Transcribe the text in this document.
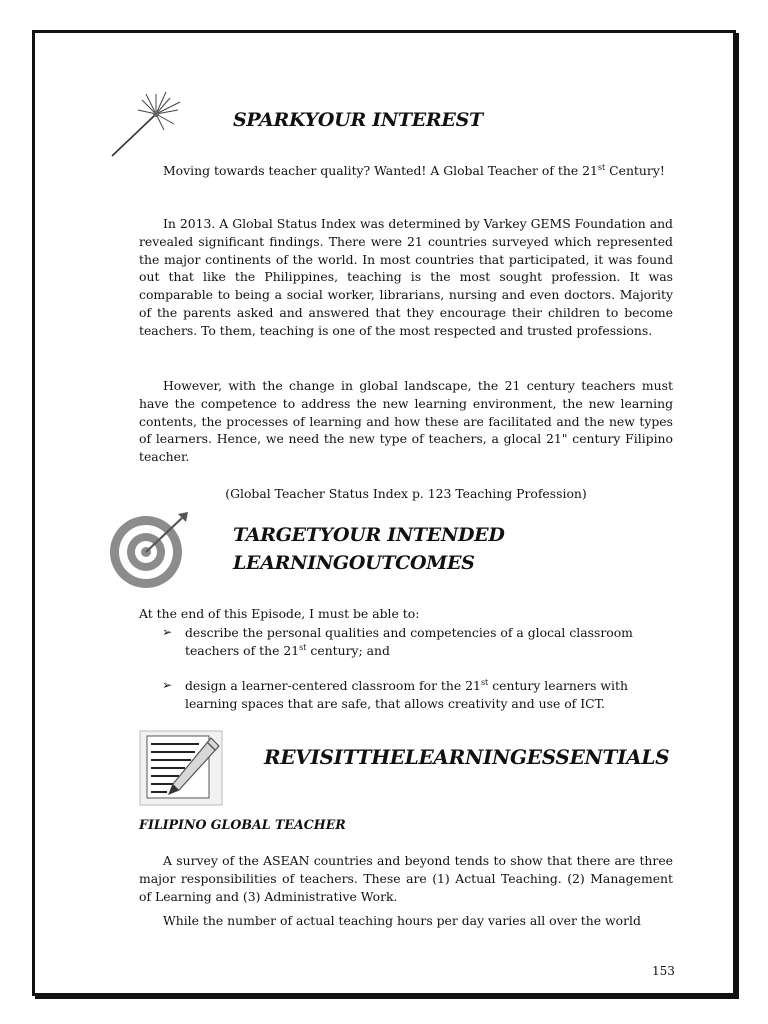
SPARKYOUR INTEREST

Moving towards teacher quality? Wanted! A Global Teacher of the 21st Century!

In 2013. A Global Status Index was determined by Varkey GEMS Foundation and revealed significant findings. There were 21 countries surveyed which represented the major continents of the world. In most countries that participated, it was found out that like the Philippines, teaching is the most sought profession. It was comparable to being a social worker, librarians, nursing and even doctors. Majority of the parents asked and answered that they encourage their children to become teachers. To them, teaching is one of the most respected and trusted professions.

However, with the change in global landscape, the 21 century teachers must have the competence to address the new learning environment, the new learning contents, the processes of learning and how these are facilitated and the new types of learners. Hence, we need the new type of teachers, a glocal 21" century Filipino teacher.

(Global Teacher Status Index p. 123 Teaching Profession)
TARGETYOUR INTENDED
LEARNINGOUTCOMES

At the end of this Episode, I must be able to:

➢ describe the personal qualities and competencies of a glocal classroom teachers of the 21st century; and
➢ design a learner-centered classroom for the 21st century learners with learning spaces that are safe, that allows creativity and use of ICT.
REVISITTHELEARNINGESSENTIALS
FILIPINO GLOBAL TEACHER

A survey of the ASEAN countries and beyond tends to show that there are three major responsibilities of teachers. These are (1) Actual Teaching. (2) Management of Learning and (3) Administrative Work.

While the number of actual teaching hours per day varies all over the world

153
